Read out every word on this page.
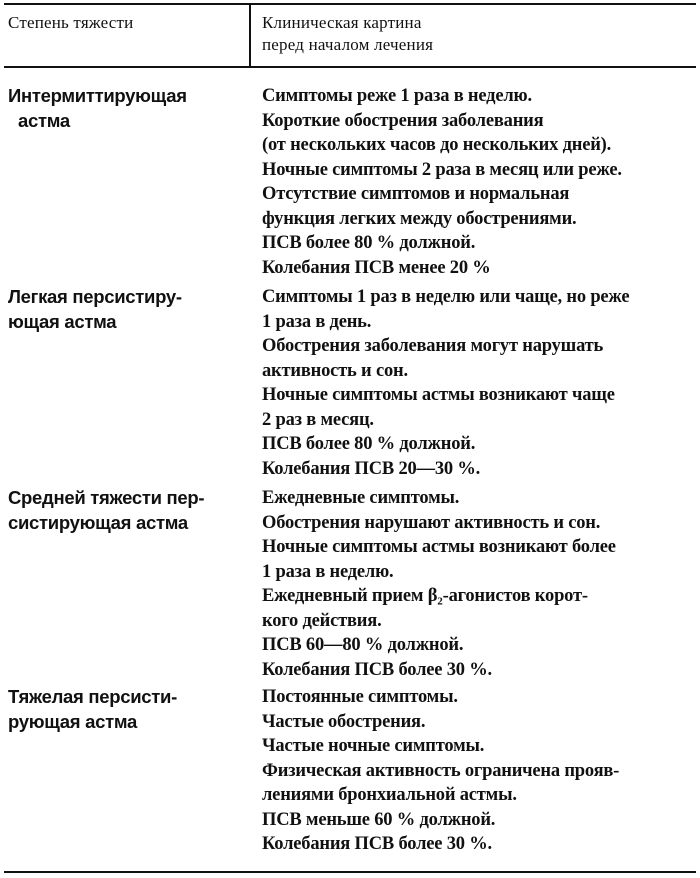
Степень тяжести	Клиническая картина
перед началом лечения
Интермиттирующая
астма
Симптомы реже 1 раза в неделю.
Короткие обострения заболевания
(от нескольких часов до нескольких дней).
Ночные симптомы 2 раза в месяц или реже.
Отсутствие симптомов и нормальная
функция легких между обострениями.
ПСВ более 80 % должной.
Колебания ПСВ менее 20 %
Легкая персистиру-
ющая астма
Симптомы 1 раз в неделю или чаще, но реже
1 раза в день.
Обострения заболевания могут нарушать
активность и сон.
Ночные симптомы астмы возникают чаще
2 раз в месяц.
ПСВ более 80 % должной.
Колебания ПСВ 20—30 %.
Средней тяжести пер-
систирующая астма
Ежедневные симптомы.
Обострения нарушают активность и сон.
Ночные симптомы астмы возникают более
1 раза в неделю.
Ежедневный прием β₂-агонистов корот-
кого действия.
ПСВ 60—80 % должной.
Колебания ПСВ более 30 %.
Тяжелая персисти-
рующая астма
Постоянные симптомы.
Частые обострения.
Частые ночные симптомы.
Физическая активность ограничена прояв-
лениями бронхиальной астмы.
ПСВ меньше 60 % должной.
Колебания ПСВ более 30 %.
